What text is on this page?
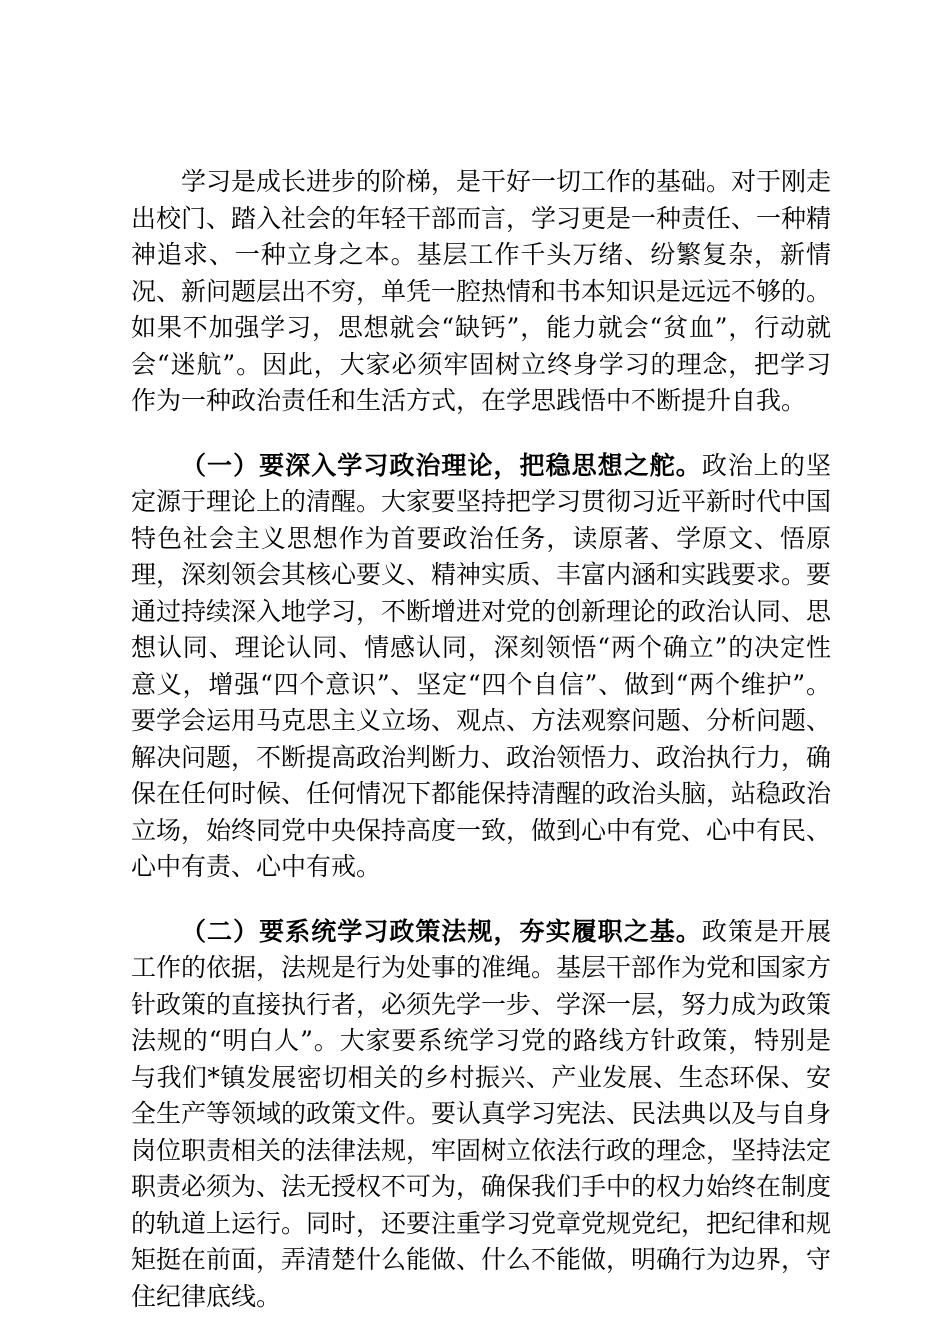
学习是成长进步的阶梯，是干好一切工作的基础。对于刚走出校门、踏入社会的年轻干部而言，学习更是一种责任、一种精神追求、一种立身之本。基层工作千头万绪、纷繁复杂，新情况、新问题层出不穷，单凭一腔热情和书本知识是远远不够的。如果不加强学习，思想就会“缺钙”，能力就会“贫血”，行动就会“迷航”。因此，大家必须牢固树立终身学习的理念，把学习作为一种政治责任和生活方式，在学思践悟中不断提升自我。

（一）要深入学习政治理论，把稳思想之舵。政治上的坚定源于理论上的清醒。大家要坚持把学习贯彻习近平新时代中国特色社会主义思想作为首要政治任务，读原著、学原文、悟原理，深刻领会其核心要义、精神实质、丰富内涵和实践要求。要通过持续深入地学习，不断增进对党的创新理论的政治认同、思想认同、理论认同、情感认同，深刻领悟“两个确立”的决定性意义，增强“四个意识”、坚定“四个自信”、做到“两个维护”。要学会运用马克思主义立场、观点、方法观察问题、分析问题、解决问题，不断提高政治判断力、政治领悟力、政治执行力，确保在任何时候、任何情况下都能保持清醒的政治头脑，站稳政治立场，始终同党中央保持高度一致，做到心中有党、心中有民、心中有责、心中有戒。

（二）要系统学习政策法规，夯实履职之基。政策是开展工作的依据，法规是行为处事的准绳。基层干部作为党和国家方针政策的直接执行者，必须先学一步、学深一层，努力成为政策法规的“明白人”。大家要系统学习党的路线方针政策，特别是与我们*镇发展密切相关的乡村振兴、产业发展、生态环保、安全生产等领域的政策文件。要认真学习宪法、民法典以及与自身岗位职责相关的法律法规，牢固树立依法行政的理念，坚持法定职责必须为、法无授权不可为，确保我们手中的权力始终在制度的轨道上运行。同时，还要注重学习党章党规党纪，把纪律和规矩挺在前面，弄清楚什么能做、什么不能做，明确行为边界，守住纪律底线。
